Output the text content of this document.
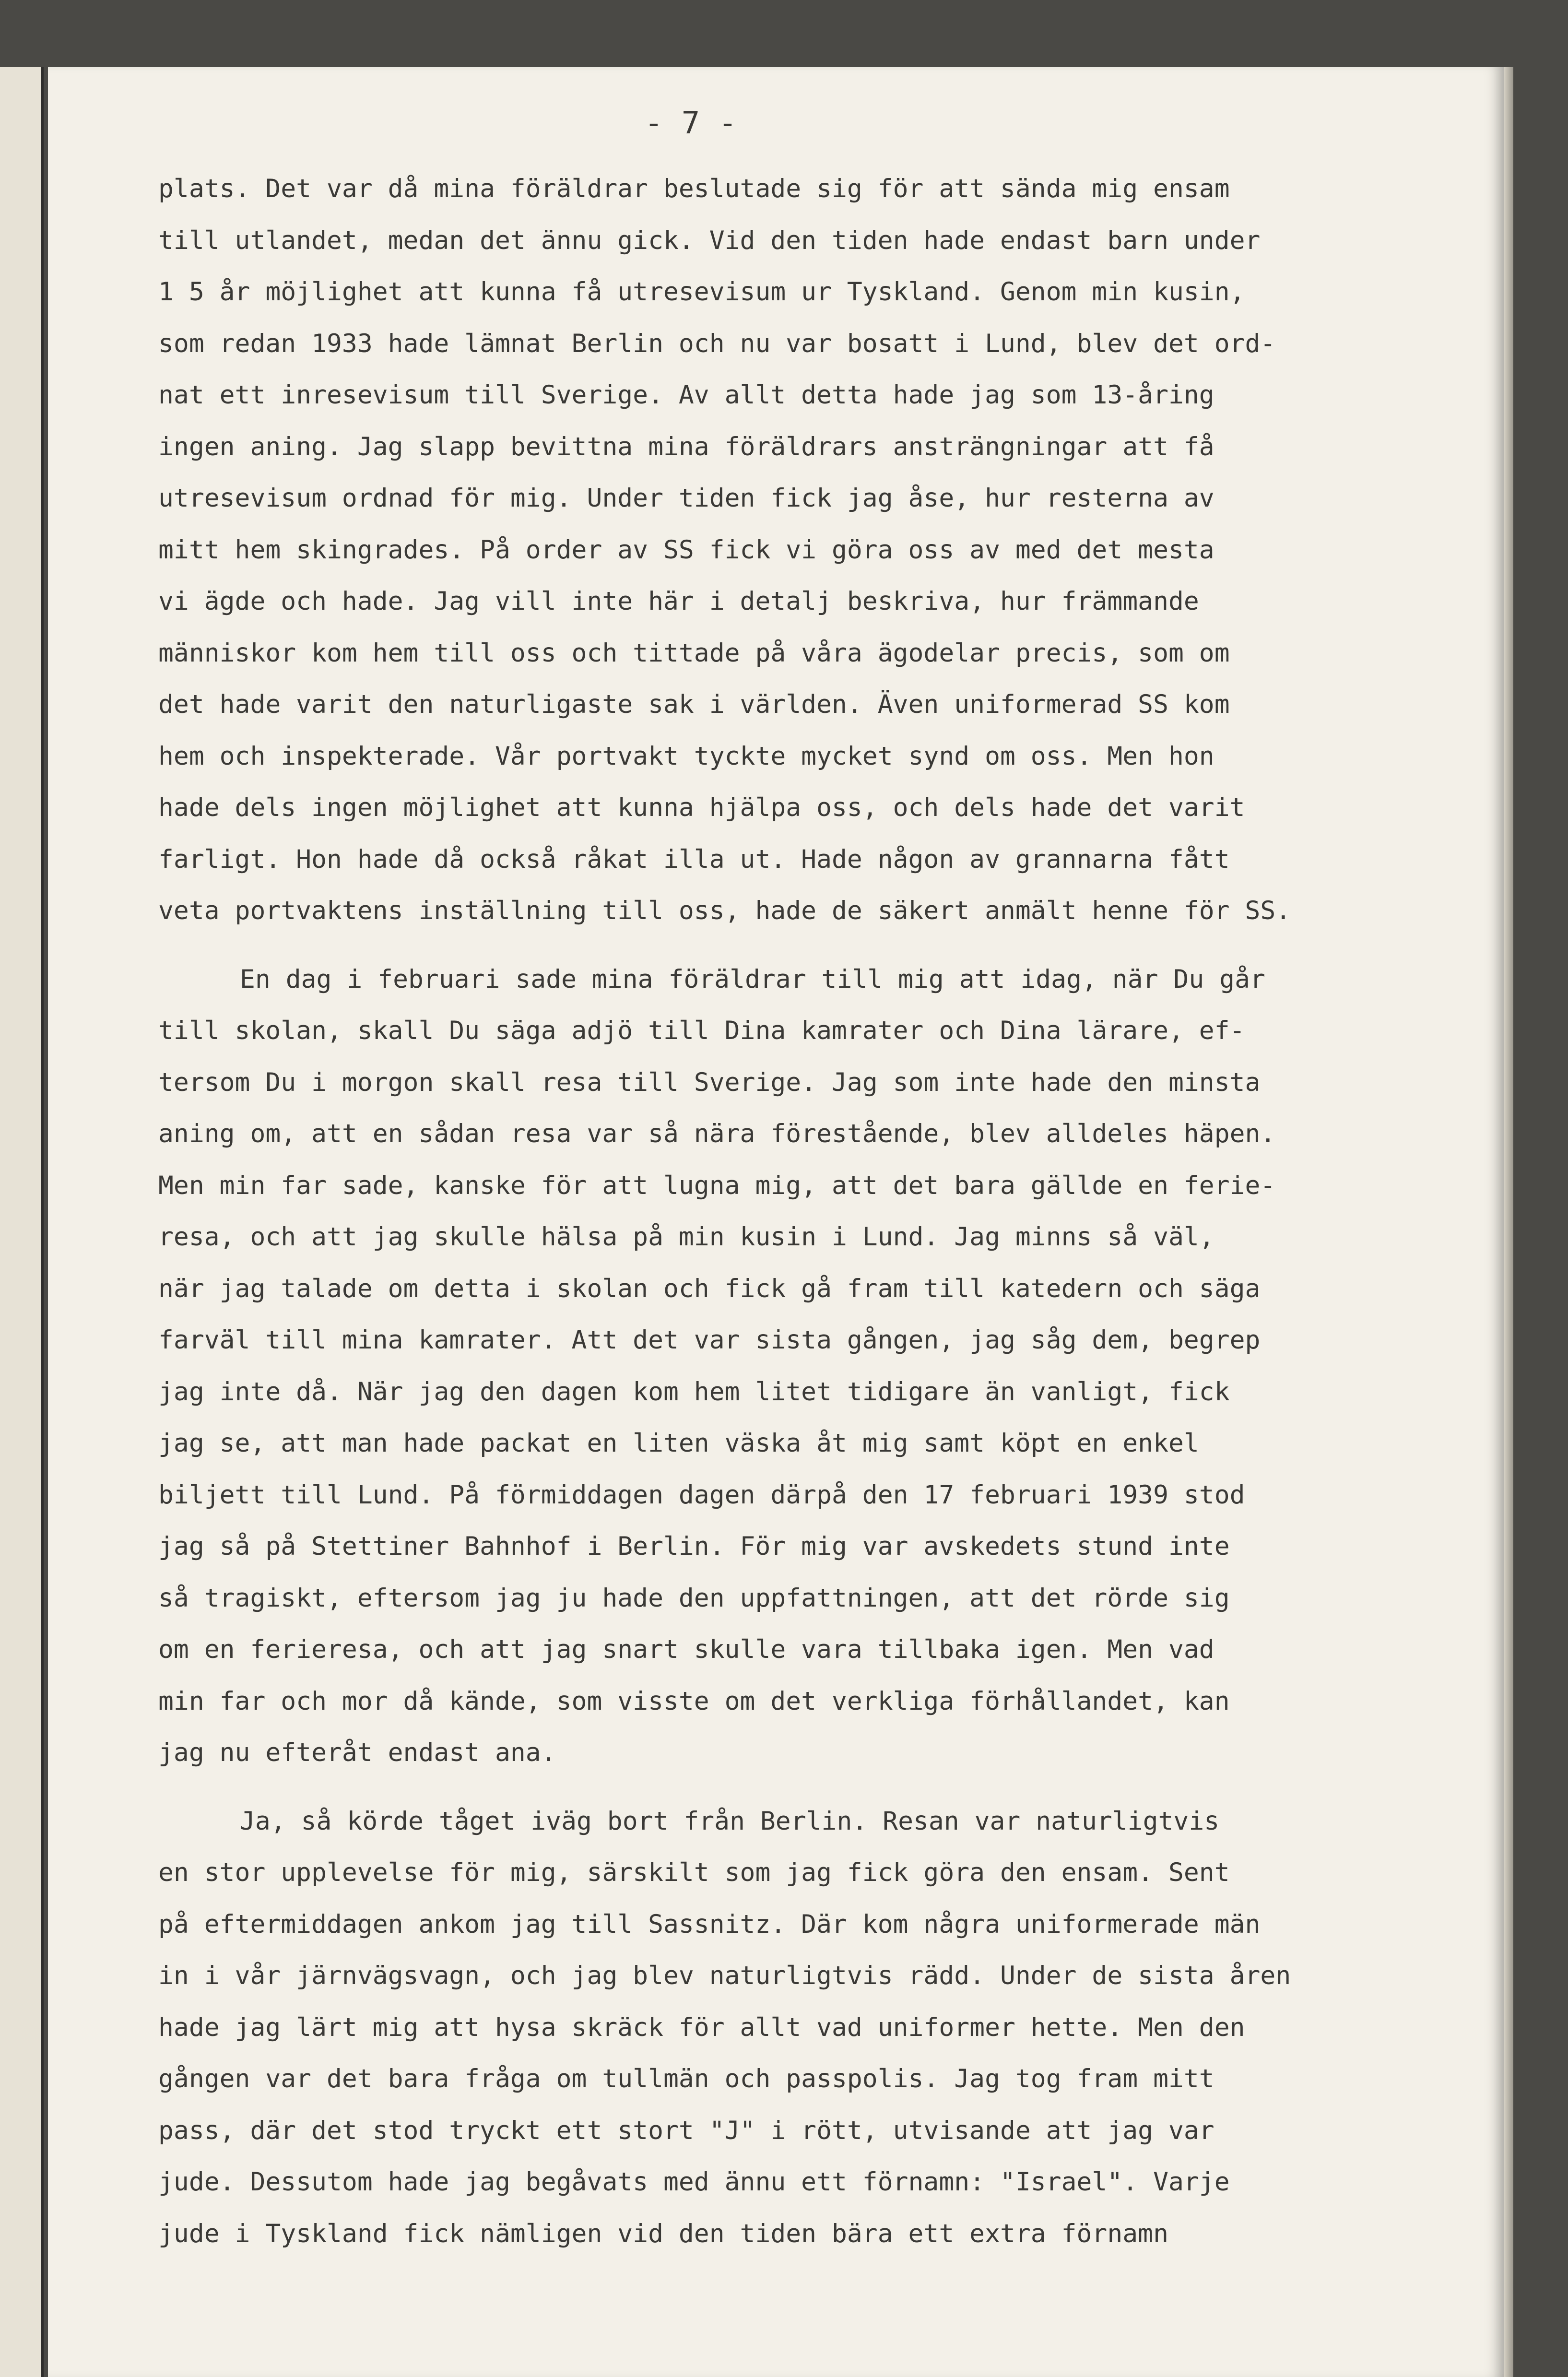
- 7 -
plats. Det var då mina föräldrar beslutade sig för att sända mig ensam
till utlandet, medan det ännu gick. Vid den tiden hade endast barn under
1 5 år möjlighet att kunna få utresevisum ur Tyskland. Genom min kusin,
som redan 1933 hade lämnat Berlin och nu var bosatt i Lund, blev det ord-
nat ett inresevisum till Sverige. Av allt detta hade jag som 13-åring
ingen aning. Jag slapp bevittna mina föräldrars ansträngningar att få
utresevisum ordnad för mig. Under tiden fick jag åse, hur resterna av
mitt hem skingrades. På order av SS fick vi göra oss av med det mesta
vi ägde och hade. Jag vill inte här i detalj beskriva, hur främmande
människor kom hem till oss och tittade på våra ägodelar precis, som om
det hade varit den naturligaste sak i världen. Även uniformerad SS kom
hem och inspekterade. Vår portvakt tyckte mycket synd om oss. Men hon
hade dels ingen möjlighet att kunna hjälpa oss, och dels hade det varit
farligt. Hon hade då också råkat illa ut. Hade någon av grannarna fått
veta portvaktens inställning till oss, hade de säkert anmält henne för SS.
En dag i februari sade mina föräldrar till mig att idag, när Du går
till skolan, skall Du säga adjö till Dina kamrater och Dina lärare, ef-
tersom Du i morgon skall resa till Sverige. Jag som inte hade den minsta
aning om, att en sådan resa var så nära förestående, blev alldeles häpen.
Men min far sade, kanske för att lugna mig, att det bara gällde en ferie-
resa, och att jag skulle hälsa på min kusin i Lund. Jag minns så väl,
när jag talade om detta i skolan och fick gå fram till katedern och säga
farväl till mina kamrater. Att det var sista gången, jag såg dem, begrep
jag inte då. När jag den dagen kom hem litet tidigare än vanligt, fick
jag se, att man hade packat en liten väska åt mig samt köpt en enkel
biljett till Lund. På förmiddagen dagen därpå den 17 februari 1939 stod
jag så på Stettiner Bahnhof i Berlin. För mig var avskedets stund inte
så tragiskt, eftersom jag ju hade den uppfattningen, att det rörde sig
om en ferieresa, och att jag snart skulle vara tillbaka igen. Men vad
min far och mor då kände, som visste om det verkliga förhållandet, kan
jag nu efteråt endast ana.
Ja, så körde tåget iväg bort från Berlin. Resan var naturligtvis
en stor upplevelse för mig, särskilt som jag fick göra den ensam. Sent
på eftermiddagen ankom jag till Sassnitz. Där kom några uniformerade män
in i vår järnvägsvagn, och jag blev naturligtvis rädd. Under de sista åren
hade jag lärt mig att hysa skräck för allt vad uniformer hette. Men den
gången var det bara fråga om tullmän och passpolis. Jag tog fram mitt
pass, där det stod tryckt ett stort "J" i rött, utvisande att jag var
jude. Dessutom hade jag begåvats med ännu ett förnamn: "Israel". Varje
jude i Tyskland fick nämligen vid den tiden bära ett extra förnamn
